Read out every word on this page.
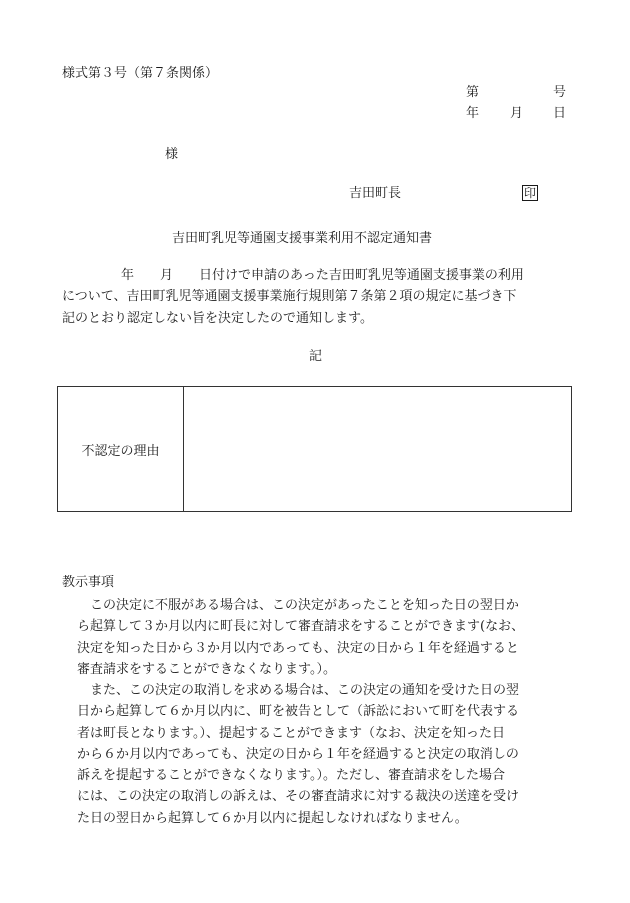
様式第３号（第７条関係）
第	号
年 月 日
様
吉田町長	印
吉田町乳児等通園支援事業利用不認定通知書
年　　月　　日付けで申請のあった吉田町乳児等通園支援事業の利用
について、吉田町乳児等通園支援事業施行規則第７条第２項の規定に基づき下
記のとおり認定しない旨を決定したので通知します。
記
不認定の理由
教示事項
この決定に不服がある場合は、この決定があったことを知った日の翌日か
ら起算して３か月以内に町長に対して審査請求をすることができます(なお、
決定を知った日から３か月以内であっても、決定の日から１年を経過すると
審査請求をすることができなくなります。）。
また、この決定の取消しを求める場合は、この決定の通知を受けた日の翌
日から起算して６か月以内に、町を被告として（訴訟において町を代表する
者は町長となります。）、提起することができます（なお、決定を知った日
から６か月以内であっても、決定の日から１年を経過すると決定の取消しの
訴えを提起することができなくなります。）。ただし、審査請求をした場合
には、この決定の取消しの訴えは、その審査請求に対する裁決の送達を受け
た日の翌日から起算して６か月以内に提起しなければなりません。
